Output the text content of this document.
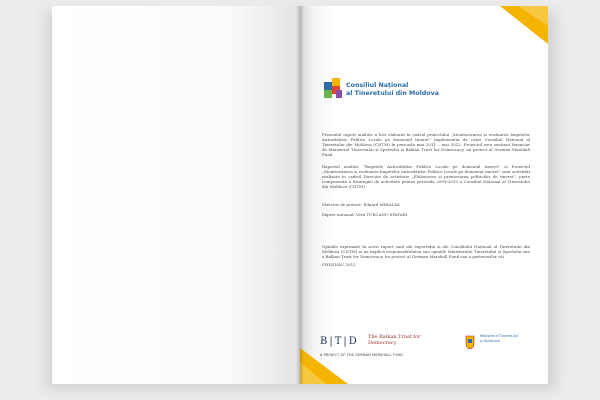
Consiliul Național
al Tineretului din Moldova
Prezentul raport analitic a fost elaborat în cadrul proiectului „Monitorizarea și evaluarea bugetelor Autorităților Publice Locale pe domeniul tineret” implementat de către Consiliul Național al Tineretului din Moldova (CNTM) în perioada mai 2011 – mai 2012. Proiectul este susținut financiar de Ministerul Tineretului și Sportului și Balkan Trust for Democracy, un proiect al German Marshall Fund.
Raportul analitic “Bugetele Autorităților Publice Locale pe domeniul tineret” și Proiectul „Monitorizarea și evaluarea bugetelor Autorităților Publice Locale pe domeniul tineret” sunt activități realizate în cadrul Direcției de activitate „Elaborarea și promovarea politicilor de tineret”, parte componentă a Strategiei de activitate pentru perioada 2009-2013 a Consiliul Național al Tineretului din Moldova (CNTM).
Director de proiect: Eduard MIHALAȘ
Expert național: Vera TURCANU-SPATARI
Opiniile exprimate în acest raport sunt ale expertului și ale Consiliului Național al Tineretului din Moldova (CNTM) și nu implică responsabilitatea sau opiniile Ministerului Tineretului și Sportului sau a Balkan Trust for Democracy, un proiect al German Marshall Fund sau a partenerilor săi.
CHIȘINĂU 2012
B|T|D The Balkan Trust for Democracy
A PROJECT OF THE GERMAN MARSHALL FUND
Ministerul Tineretului și Sportului
